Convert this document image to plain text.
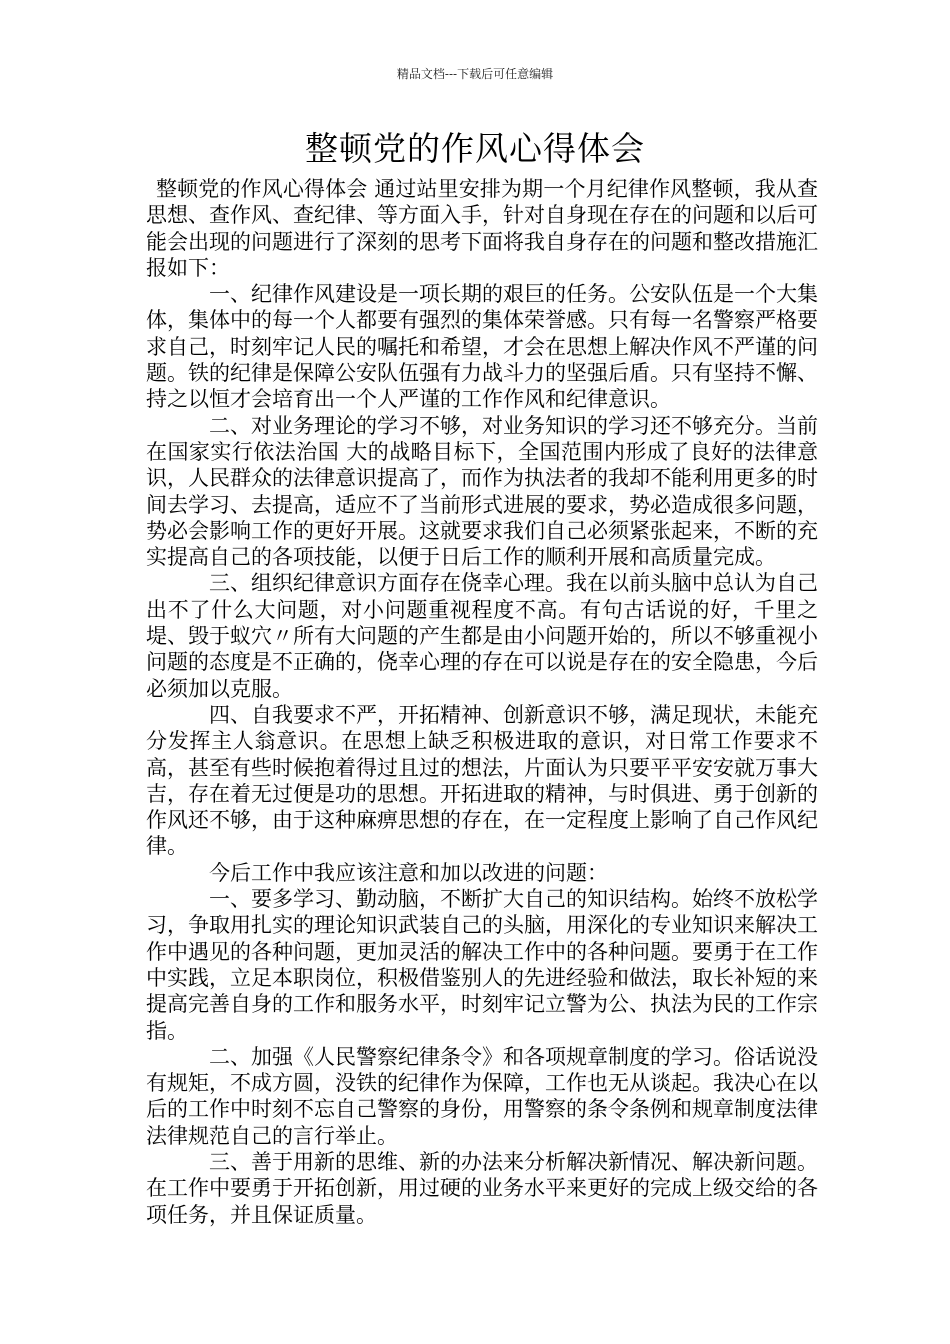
精品文档---下载后可任意编辑
整顿党的作风心得体会

整顿党的作风心得体会 通过站里安排为期一个月纪律作风整顿，我从查思想、查作风、查纪律、等方面入手，针对自身现在存在的问题和以后可能会出现的问题进行了深刻的思考下面将我自身存在的问题和整改措施汇报如下：

一、纪律作风建设是一项长期的艰巨的任务。公安队伍是一个大集体，集体中的每一个人都要有强烈的集体荣誉感。只有每一名警察严格要求自己，时刻牢记人民的嘱托和希望，才会在思想上解决作风不严谨的问题。铁的纪律是保障公安队伍强有力战斗力的坚强后盾。只有坚持不懈、持之以恒才会培育出一个人严谨的工作作风和纪律意识。

二、对业务理论的学习不够，对业务知识的学习还不够充分。当前在国家实行依法治国 大的战略目标下，全国范围内形成了良好的法律意识，人民群众的法律意识提高了，而作为执法者的我却不能利用更多的时间去学习、去提高，适应不了当前形式进展的要求，势必造成很多问题，势必会影响工作的更好开展。这就要求我们自己必须紧张起来，不断的充实提高自己的各项技能，以便于日后工作的顺利开展和高质量完成。

三、组织纪律意识方面存在侥幸心理。我在以前头脑中总认为自己出不了什么大问题，对小问题重视程度不高。有句古话说的好，千里之堤、毁于蚁穴〃所有大问题的产生都是由小问题开始的，所以不够重视小问题的态度是不正确的，侥幸心理的存在可以说是存在的安全隐患，今后必须加以克服。

四、自我要求不严，开拓精神、创新意识不够，满足现状，未能充分发挥主人翁意识。在思想上缺乏积极进取的意识，对日常工作要求不高，甚至有些时候抱着得过且过的想法，片面认为只要平平安安就万事大吉，存在着无过便是功的思想。开拓进取的精神，与时俱进、勇于创新的作风还不够，由于这种麻痹思想的存在，在一定程度上影响了自己作风纪律。

今后工作中我应该注意和加以改进的问题：

一、要多学习、勤动脑，不断扩大自己的知识结构。始终不放松学习，争取用扎实的理论知识武装自己的头脑，用深化的专业知识来解决工作中遇见的各种问题，更加灵活的解决工作中的各种问题。要勇于在工作中实践，立足本职岗位，积极借鉴别人的先进经验和做法，取长补短的来提高完善自身的工作和服务水平，时刻牢记立警为公、执法为民的工作宗指。

二、加强《人民警察纪律条令》和各项规章制度的学习。俗话说没有规矩，不成方圆，没铁的纪律作为保障，工作也无从谈起。我决心在以后的工作中时刻不忘自己警察的身份，用警察的条令条例和规章制度法律法律规范自己的言行举止。

三、善于用新的思维、新的办法来分析解决新情况、解决新问题。在工作中要勇于开拓创新，用过硬的业务水平来更好的完成上级交给的各项任务，并且保证质量。
